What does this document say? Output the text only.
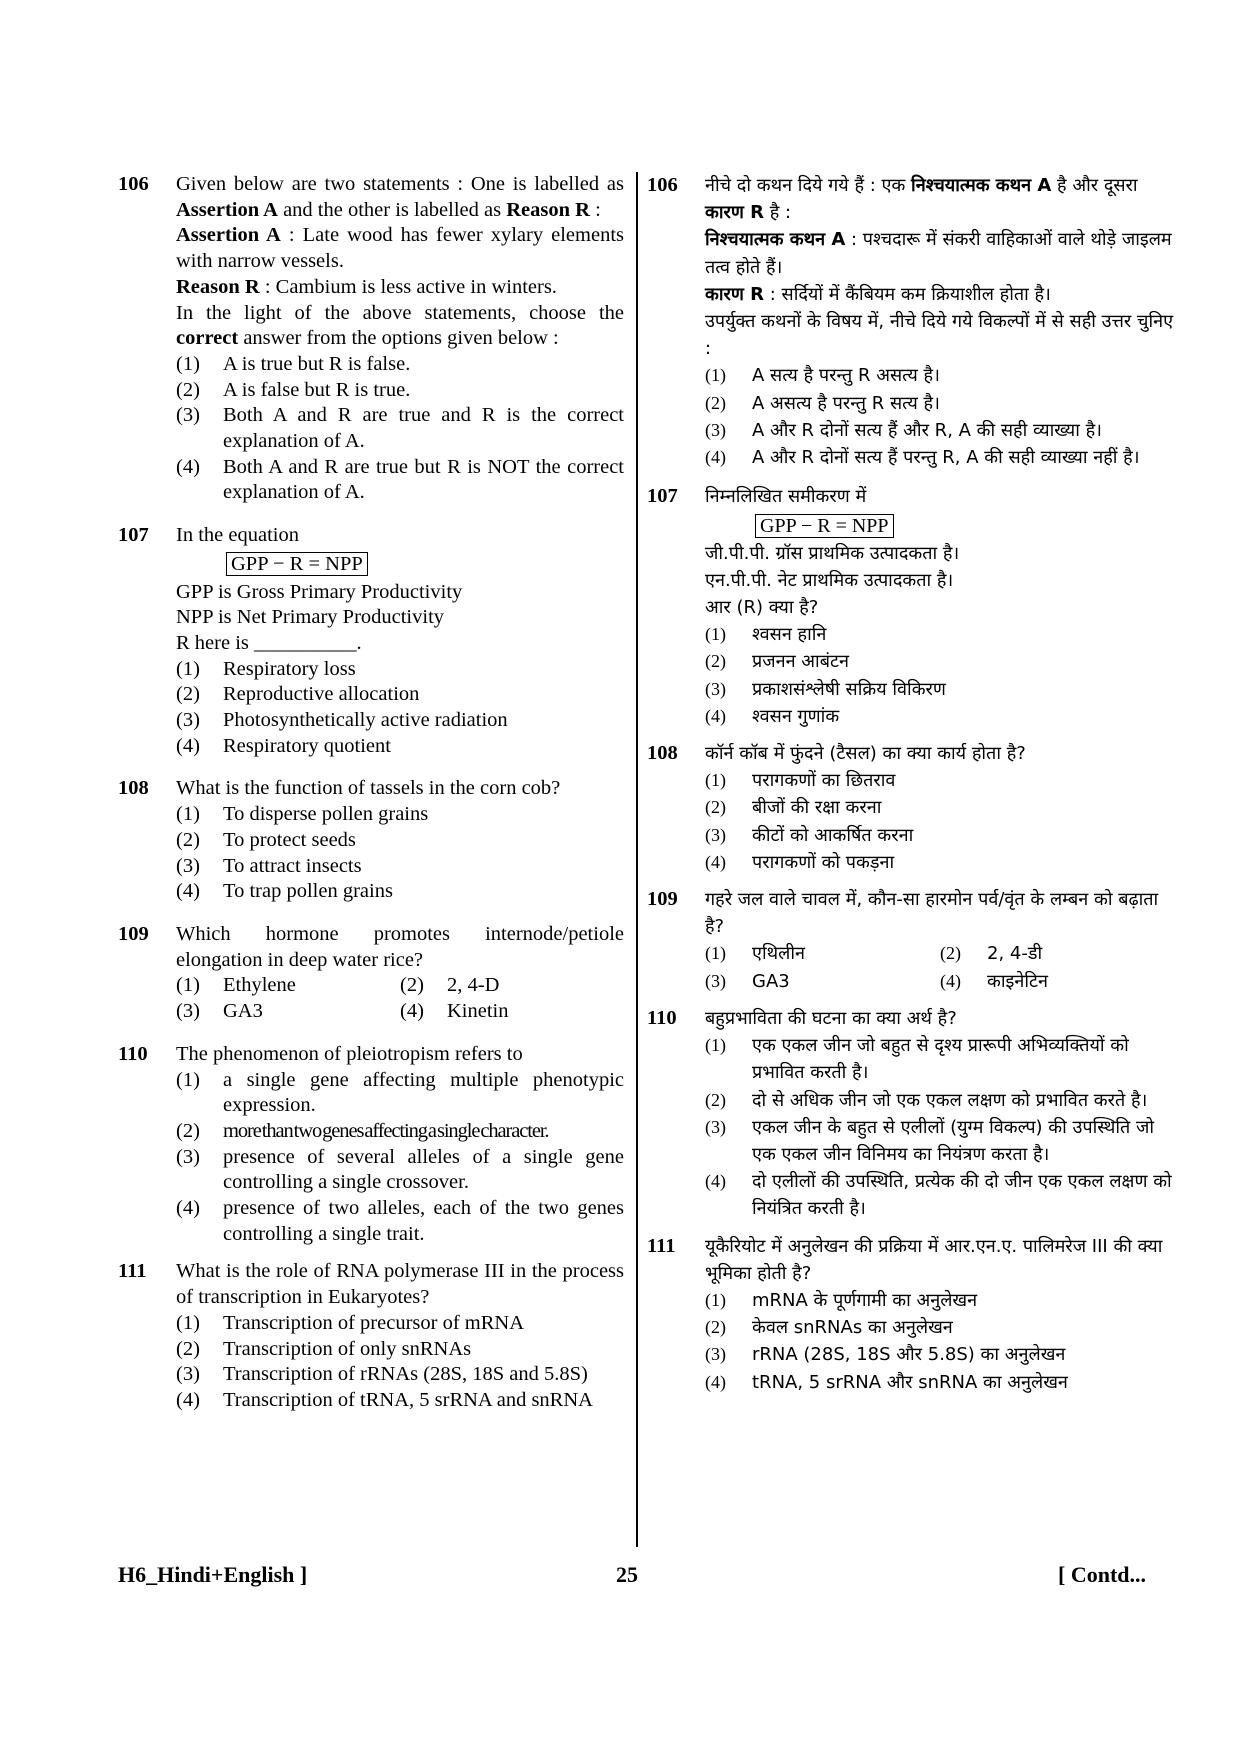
106 Given below are two statements : One is labelled as Assertion A and the other is labelled as Reason R :
Assertion A : Late wood has fewer xylary elements with narrow vessels.
Reason R : Cambium is less active in winters.
In the light of the above statements, choose the correct answer from the options given below :
(1) A is true but R is false.
(2) A is false but R is true.
(3) Both A and R are true and R is the correct explanation of A.
(4) Both A and R are true but R is NOT the correct explanation of A.
107 In the equation
GPP − R = NPP
GPP is Gross Primary Productivity
NPP is Net Primary Productivity
R here is __________.
(1) Respiratory loss
(2) Reproductive allocation
(3) Photosynthetically active radiation
(4) Respiratory quotient
108 What is the function of tassels in the corn cob?
(1) To disperse pollen grains
(2) To protect seeds
(3) To attract insects
(4) To trap pollen grains
109 Which hormone promotes internode/petiole elongation in deep water rice?
(1) Ethylene	(2) 2, 4-D
(3) GA3	(4) Kinetin
110 The phenomenon of pleiotropism refers to
(1) a single gene affecting multiple phenotypic expression.
(2) more than two genes affecting a single character.
(3) presence of several alleles of a single gene controlling a single crossover.
(4) presence of two alleles, each of the two genes controlling a single trait.
111 What is the role of RNA polymerase III in the process of transcription in Eukaryotes?
(1) Transcription of precursor of mRNA
(2) Transcription of only snRNAs
(3) Transcription of rRNAs (28S, 18S and 5.8S)
(4) Transcription of tRNA, 5 srRNA and snRNA
106 नीचे दो कथन दिये गये हैं : एक निश्चयात्मक कथन A है और दूसरा कारण R है :
निश्चयात्मक कथन A : पश्चदारू में संकरी वाहिकाओं वाले थोड़े जाइलम तत्व होते हैं।
कारण R : सर्दियों में कैंबियम कम क्रियाशील होता है।
उपर्युक्त कथनों के विषय में, नीचे दिये गये विकल्पों में से सही उत्तर चुनिए :
(1) A सत्य है परन्तु R असत्य है।
(2) A असत्य है परन्तु R सत्य है।
(3) A और R दोनों सत्य हैं और R, A की सही व्याख्या है।
(4) A और R दोनों सत्य हैं परन्तु R, A की सही व्याख्या नहीं है।
107 निम्नलिखित समीकरण में
GPP − R = NPP
जी.पी.पी. ग्रॉस प्राथमिक उत्पादकता है।
एन.पी.पी. नेट प्राथमिक उत्पादकता है।
आर (R) क्या है?
(1) श्वसन हानि
(2) प्रजनन आबंटन
(3) प्रकाशसंश्लेषी सक्रिय विकिरण
(4) श्वसन गुणांक
108 कॉर्न कॉब में फुंदने (टैसल) का क्या कार्य होता है?
(1) परागकणों का छितराव
(2) बीजों की रक्षा करना
(3) कीटों को आकर्षित करना
(4) परागकणों को पकड़ना
109 गहरे जल वाले चावल में, कौन-सा हारमोन पर्व/वृंत के लम्बन को बढ़ाता है?
(1) एथिलीन	(2) 2, 4-डी
(3) GA3	(4) काइनेटिन
110 बहुप्रभाविता की घटना का क्या अर्थ है?
(1) एक एकल जीन जो बहुत से दृश्य प्रारूपी अभिव्यक्तियों को प्रभावित करती है।
(2) दो से अधिक जीन जो एक एकल लक्षण को प्रभावित करते है।
(3) एकल जीन के बहुत से एलीलों (युग्म विकल्प) की उपस्थिति जो एक एकल जीन विनिमय का नियंत्रण करता है।
(4) दो एलीलों की उपस्थिति, प्रत्येक की दो जीन एक एकल लक्षण को नियंत्रित करती है।
111 यूकैरियोट में अनुलेखन की प्रक्रिया में आर.एन.ए. पालिमरेज III की क्या भूमिका होती है?
(1) mRNA के पूर्णगामी का अनुलेखन
(2) केवल snRNAs का अनुलेखन
(3) rRNA (28S, 18S और 5.8S) का अनुलेखन
(4) tRNA, 5 srRNA और snRNA का अनुलेखन
H6_Hindi+English ]	25	[ Contd...
